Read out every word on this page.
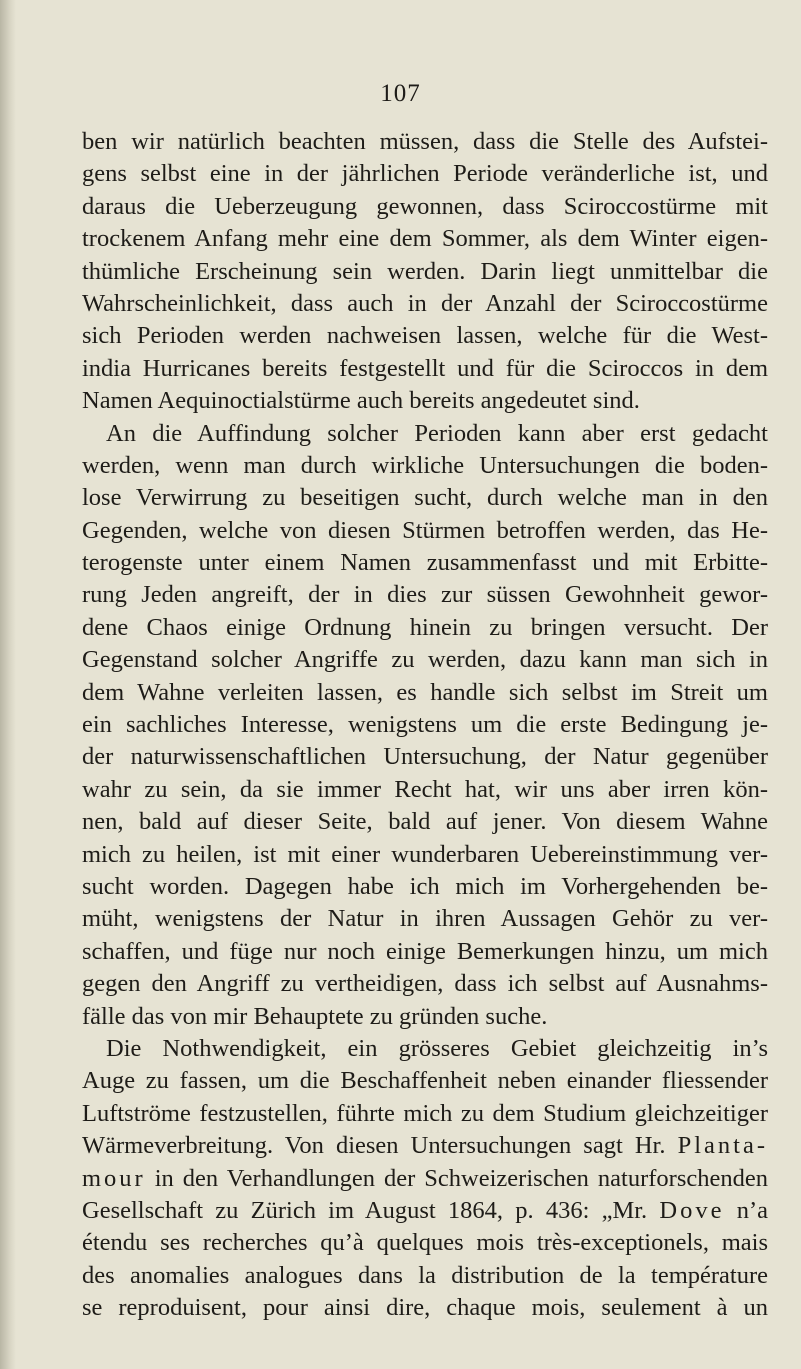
107
ben wir natürlich beachten müssen, dass die Stelle des Aufstei-
gens selbst eine in der jährlichen Periode veränderliche ist, und
daraus die Ueberzeugung gewonnen, dass Sciroccostürme mit
trockenem Anfang mehr eine dem Sommer, als dem Winter eigen-
thümliche Erscheinung sein werden. Darin liegt unmittelbar die
Wahrscheinlichkeit, dass auch in der Anzahl der Sciroccostürme
sich Perioden werden nachweisen lassen, welche für die West-
india Hurricanes bereits festgestellt und für die Sciroccos in dem
Namen Aequinoctialstürme auch bereits angedeutet sind.
An die Auffindung solcher Perioden kann aber erst gedacht
werden, wenn man durch wirkliche Untersuchungen die boden-
lose Verwirrung zu beseitigen sucht, durch welche man in den
Gegenden, welche von diesen Stürmen betroffen werden, das He-
terogenste unter einem Namen zusammenfasst und mit Erbitte-
rung Jeden angreift, der in dies zur süssen Gewohnheit gewor-
dene Chaos einige Ordnung hinein zu bringen versucht. Der
Gegenstand solcher Angriffe zu werden, dazu kann man sich in
dem Wahne verleiten lassen, es handle sich selbst im Streit um
ein sachliches Interesse, wenigstens um die erste Bedingung je-
der naturwissenschaftlichen Untersuchung, der Natur gegenüber
wahr zu sein, da sie immer Recht hat, wir uns aber irren kön-
nen, bald auf dieser Seite, bald auf jener. Von diesem Wahne
mich zu heilen, ist mit einer wunderbaren Uebereinstimmung ver-
sucht worden. Dagegen habe ich mich im Vorhergehenden be-
müht, wenigstens der Natur in ihren Aussagen Gehör zu ver-
schaffen, und füge nur noch einige Bemerkungen hinzu, um mich
gegen den Angriff zu vertheidigen, dass ich selbst auf Ausnahms-
fälle das von mir Behauptete zu gründen suche.
Die Nothwendigkeit, ein grösseres Gebiet gleichzeitig in’s
Auge zu fassen, um die Beschaffenheit neben einander fliessender
Luftströme festzustellen, führte mich zu dem Studium gleichzeitiger
Wärmeverbreitung. Von diesen Untersuchungen sagt Hr. Planta-
mour in den Verhandlungen der Schweizerischen naturforschenden
Gesellschaft zu Zürich im August 1864, p. 436: „Mr. Dove n’a
étendu ses recherches qu’à quelques mois très-exceptionels, mais
des anomalies analogues dans la distribution de la température
se reproduisent, pour ainsi dire, chaque mois, seulement à un
